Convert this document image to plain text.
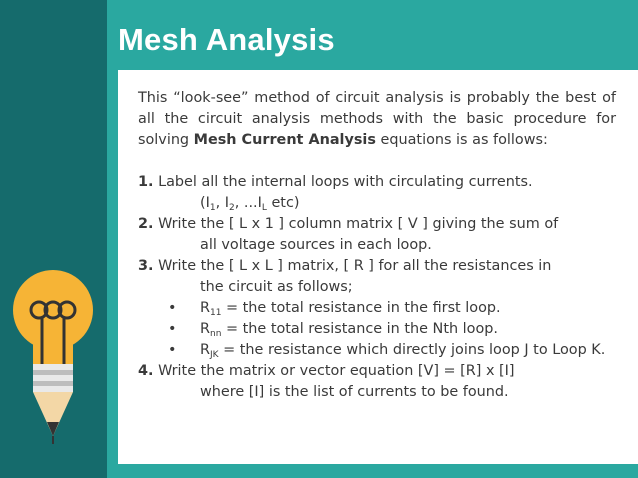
Mesh Analysis

This “look-see” method of circuit analysis is probably the best of all the circuit analysis methods with the basic procedure for solving Mesh Current Analysis equations is as follows:

1. Label all the internal loops with circulating currents.
($I_1$, $I_2$, $...I_L$ etc)
2. Write the [ L x 1 ] column matrix [ V ] giving the sum of
all voltage sources in each loop.
3. Write the [ L x L ] matrix, [ R ] for all the resistances in
the circuit as follows;
• $R_{11}$ = the total resistance in the first loop.
• $R_{nn}$ = the total resistance in the Nth loop.
• $R_{JK}$ = the resistance which directly joins loop J to Loop K.
4. Write the matrix or vector equation [V] = [R] x [I]
where [I] is the list of currents to be found.
